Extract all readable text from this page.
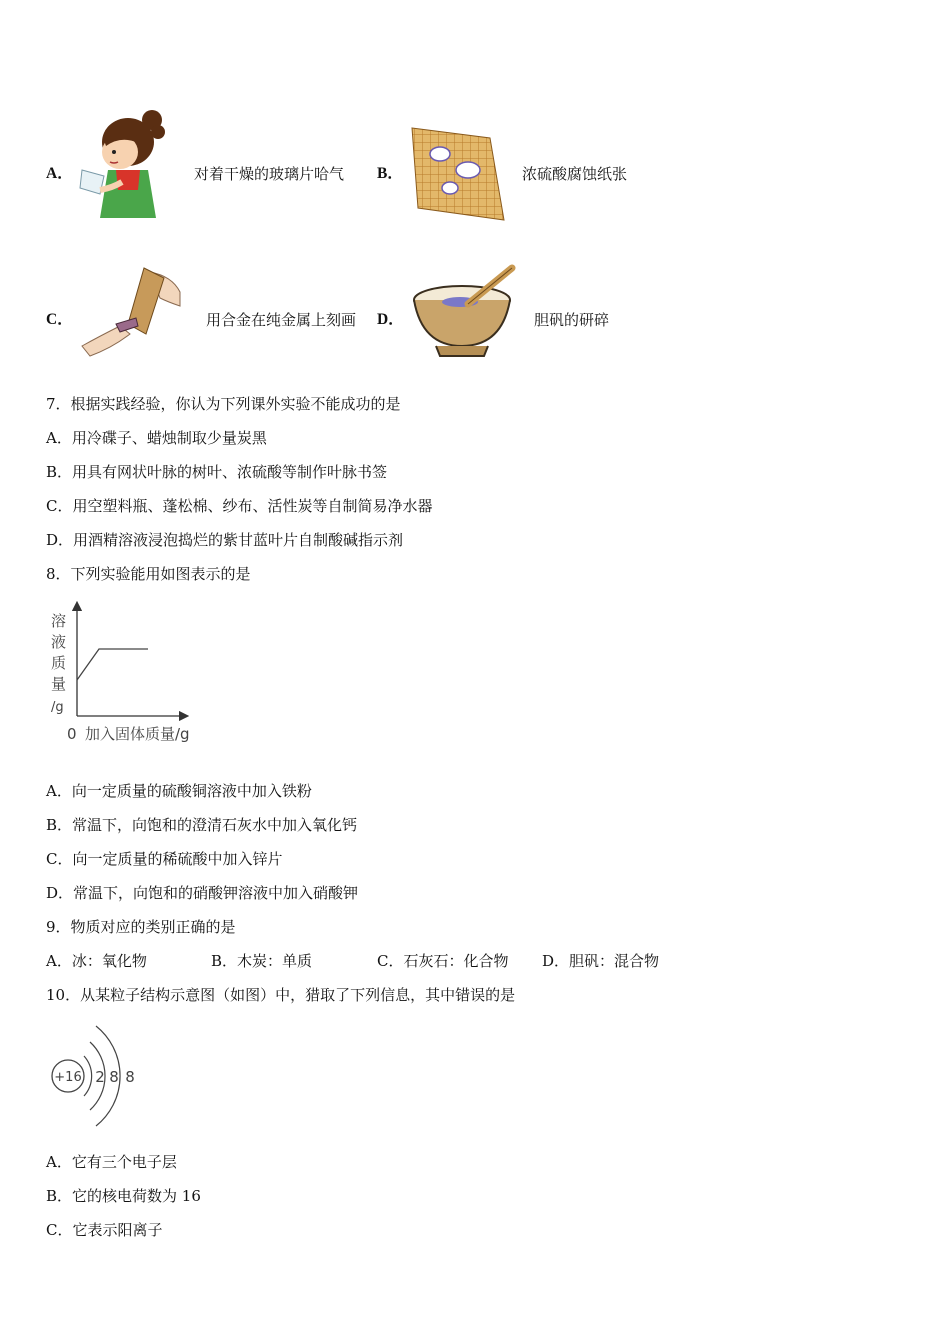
A．	对着干燥的玻璃片哈气 B．	浓硫酸腐蚀纸张
C．	用合金在纯金属上刻画 D．	胆矾的研碎
7．根据实践经验，你认为下列课外实验不能成功的是
A．用冷碟子、蜡烛制取少量炭黑
B．用具有网状叶脉的树叶、浓硫酸等制作叶脉书签
C．用空塑料瓶、蓬松棉、纱布、活性炭等自制简易净水器
D．用酒精溶液浸泡捣烂的紫甘蓝叶片自制酸碱指示剂
8．下列实验能用如图表示的是
溶
液
质
量
/g
0 加入固体质量/g
A．向一定质量的硫酸铜溶液中加入铁粉
B．常温下，向饱和的澄清石灰水中加入氧化钙
C．向一定质量的稀硫酸中加入锌片
D．常温下，向饱和的硝酸钾溶液中加入硝酸钾
9．物质对应的类别正确的是
A．冰：氧化物	B．木炭：单质	C．石灰石：化合物 D．胆矾：混合物
10．从某粒子结构示意图（如图）中，猎取了下列信息，其中错误的是
+16 2 8 8
A．它有三个电子层
B．它的核电荷数为 16
C．它表示阳离子
